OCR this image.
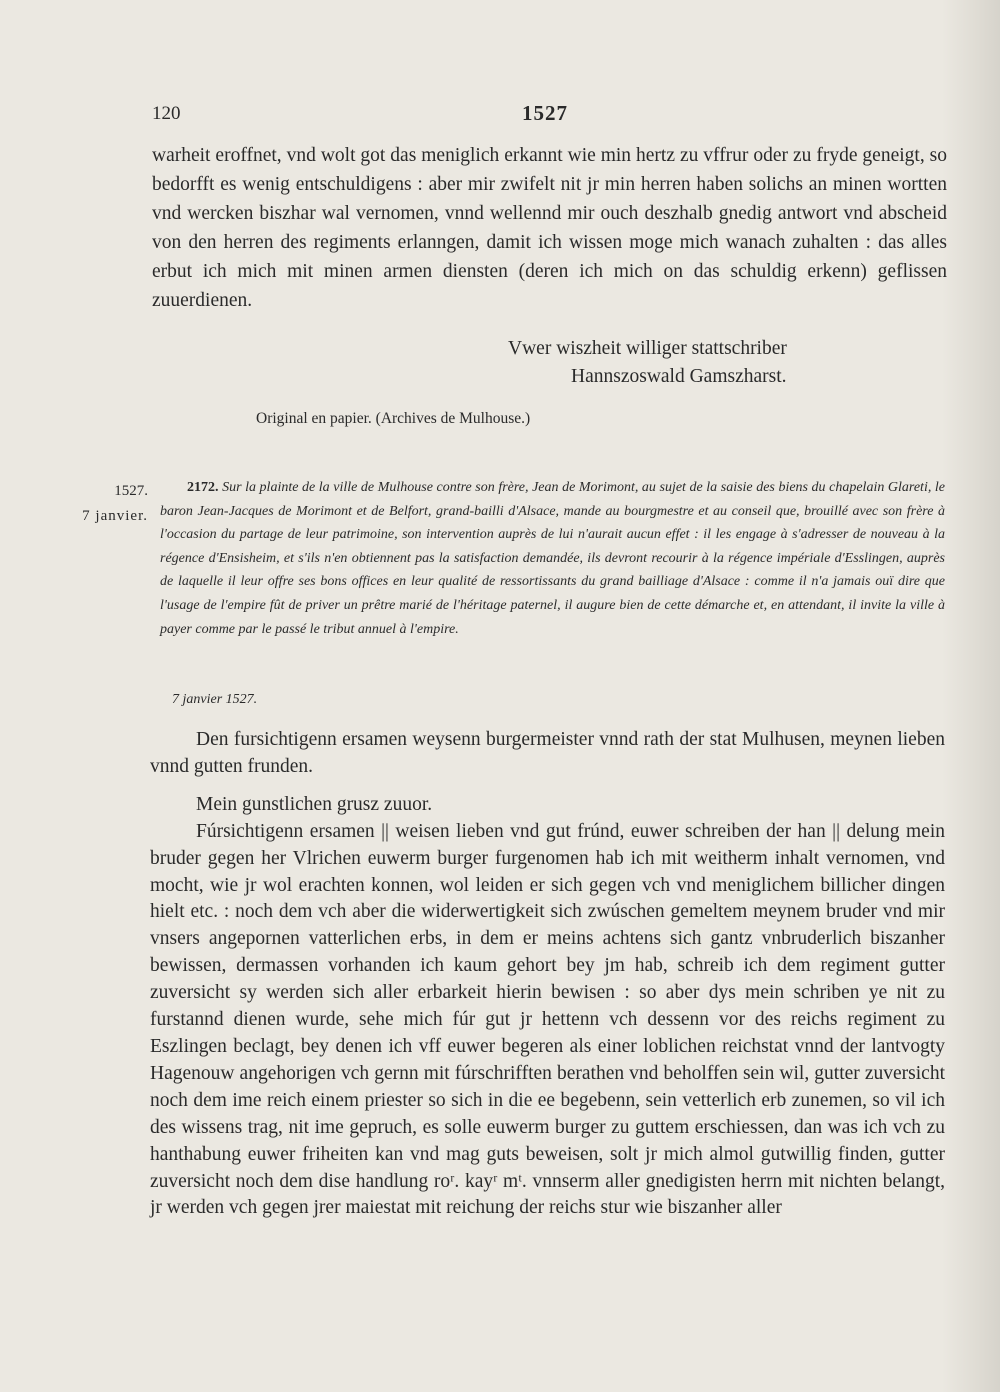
120	1527

warheit eroffnet, vnd wolt got das meniglich erkannt wie min hertz zu vffrur oder zu fryde geneigt, so bedorfft es wenig entschuldigens : aber mir zwifelt nit jr min herren haben solichs an minen wortten vnd wercken biszhar wal vernomen, vnnd wellennd mir ouch deszhalb gnedig antwort vnd abscheid von den herren des regiments erlanngen, damit ich wissen moge mich wanach zuhalten : das alles erbut ich mich mit minen armen diensten (deren ich mich on das schuldig erkenn) geflissen zuuerdienen.

Vwer wiszheit williger stattschriber
Hannszoswald Gamszharst.
Original en papier. (Archives de Mulhouse.)
1527.
7 janvier.

2172. Sur la plainte de la ville de Mulhouse contre son frère, Jean de Morimont, au sujet de la saisie des biens du chapelain Glareti, le baron Jean-Jacques de Morimont et de Belfort, grand-bailli d'Alsace, mande au bourgmestre et au conseil que, brouillé avec son frère à l'occasion du partage de leur patrimoine, son intervention auprès de lui n'aurait aucun effet : il les engage à s'adresser de nouveau à la régence d'Ensisheim, et s'ils n'en obtiennent pas la satisfaction demandée, ils devront recourir à la régence impériale d'Esslingen, auprès de laquelle il leur offre ses bons offices en leur qualité de ressortissants du grand bailliage d'Alsace : comme il n'a jamais ouï dire que l'usage de l'empire fût de priver un prêtre marié de l'héritage paternel, il augure bien de cette démarche et, en attendant, il invite la ville à payer comme par le passé le tribut annuel à l'empire.

7 janvier 1527.

Den fursichtigenn ersamen weysenn burgermeister vnnd rath der stat Mulhusen, meynen lieben vnnd gutten frunden.

Mein gunstlichen grusz zuuor.

Fúrsichtigenn ersamen || weisen lieben vnd gut frúnd, euwer schreiben der han || delung mein bruder gegen her Vlrichen euwerm burger furgenomen hab ich mit weitherm inhalt vernomen, vnd mocht, wie jr wol erachten konnen, wol leiden er sich gegen vch vnd meniglichem billicher dingen hielt etc. : noch dem vch aber die widerwertigkeit sich zwúschen gemeltem meynem bruder vnd mir vnsers angepornen vatterlichen erbs, in dem er meins achtens sich gantz vnbruderlich biszanher bewissen, dermassen vorhanden ich kaum gehort bey jm hab, schreib ich dem regiment gutter zuversicht sy werden sich aller erbarkeit hierin bewisen : so aber dys mein schriben ye nit zu furstannd dienen wurde, sehe mich fúr gut jr hettenn vch dessenn vor des reichs regiment zu Eszlingen beclagt, bey denen ich vff euwer begeren als einer loblichen reichstat vnnd der lantvogty Hagenouw angehorigen vch gernn mit fúrschrifften berathen vnd beholffen sein wil, gutter zuversicht noch dem ime reich einem priester so sich in die ee begebenn, sein vetterlich erb zunemen, so vil ich des wissens trag, nit ime gepruch, es solle euwerm burger zu guttem erschiessen, dan was ich vch zu hanthabung euwer friheiten kan vnd mag guts beweisen, solt jr mich almol gutwillig finden, gutter zuversicht noch dem dise handlung roʳ. kayʳ mᵗ. vnnserm aller gnedigisten herrn mit nichten belangt, jr werden vch gegen jrer maiestat mit reichung der reichs stur wie biszanher aller
